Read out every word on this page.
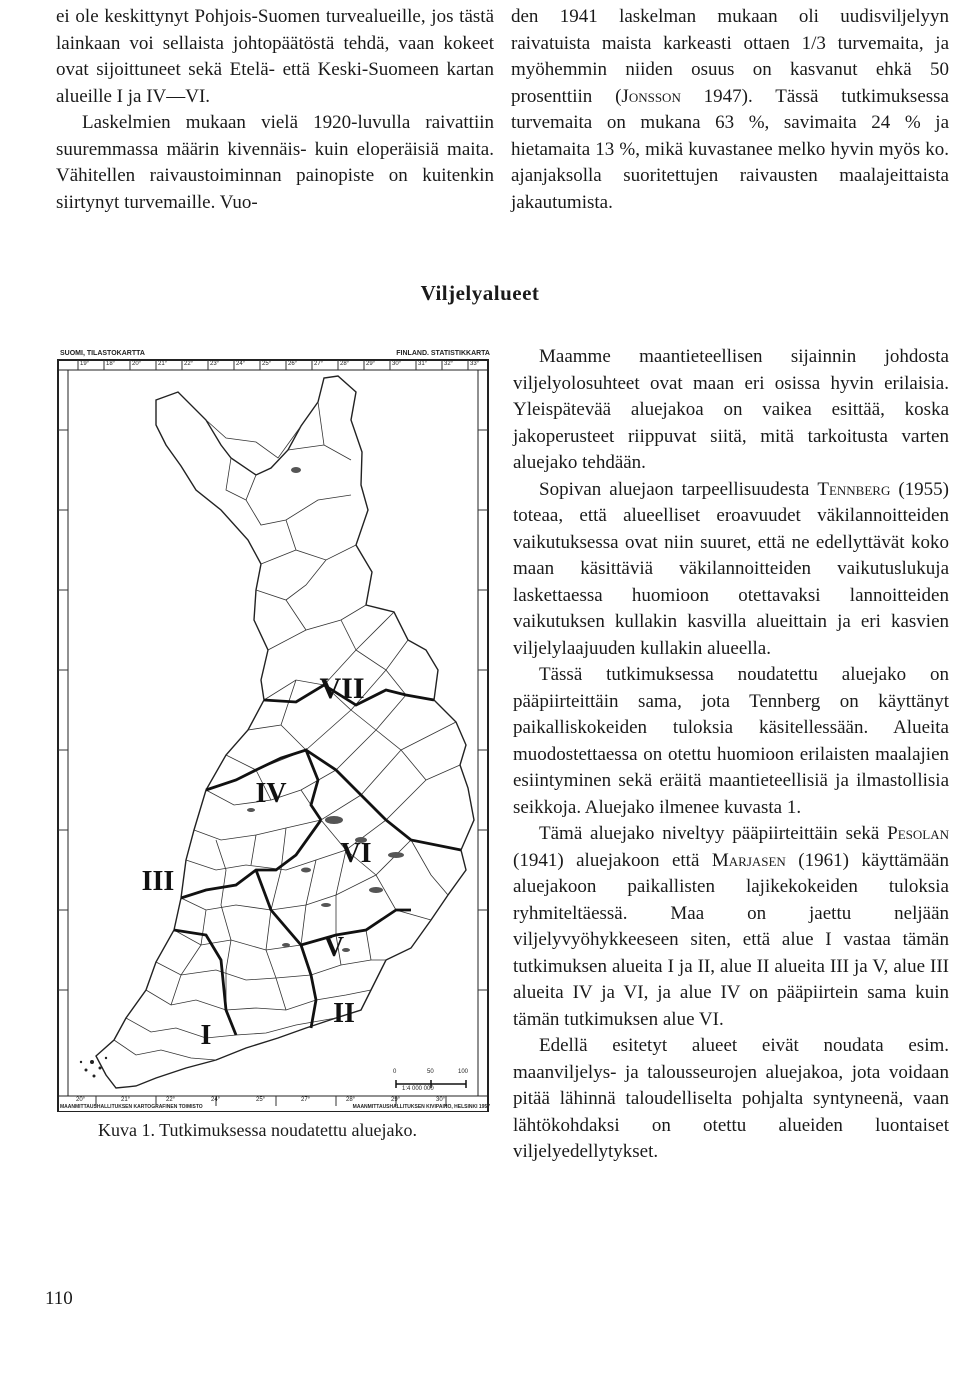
ei ole keskittynyt Pohjois-Suomen turvealueille, jos tästä lainkaan voi sellaista johtopäätöstä tehdä, vaan kokeet ovat sijoittuneet sekä Etelä- että Keski-Suomeen kartan alueille I ja IV—VI.

Laskelmien mukaan vielä 1920-luvulla raivattiin suuremmassa määrin kivennäis- kuin eloperäisiä maita. Vähitellen raivaustoiminnan painopiste on kuitenkin siirtynyt turvemaille. Vuo-

den 1941 laskelman mukaan oli uudisviljelyyn raivatuista maista karkeasti ottaen 1/3 turvemaita, ja myöhemmin niiden osuus on kasvanut ehkä 50 prosenttiin (Jonsson 1947). Tässä tutkimuksessa turvemaita on mukana 63 %, savimaita 24 % ja hietamaita 13 %, mikä kuvastanee melko hyvin myös ko. ajanjaksolla suoritettujen raivausten maalajeittaista jakautumista.

Viljelyalueet
VII
IV
VI
III
V
II
I
SUOMI, TILASTOKARTTA	FINLAND. STATISTIKKARTA
MAANMITTAUSHALLITUKSEN KARTOGRAFINEN TOIMISTO	MAANMITTAUSHALLITUKSEN KIVIPAINO, HELSINKI 1957
1:4 000 000
0	50	100
19°	18°	20°	21°	22°	23°	24°	25°	26°	27°	28°	29°	30°	31°	32°	33°
20°	21°	22°	24°	25°	27°	28°	29°	30°
Kuva 1. Tutkimuksessa noudatettu aluejako.

Maamme maantieteellisen sijainnin johdosta viljelyolosuhteet ovat maan eri osissa hyvin erilaisia. Yleispätevää aluejakoa on vaikea esittää, koska jakoperusteet riippuvat siitä, mitä tarkoitusta varten aluejako tehdään.

Sopivan aluejaon tarpeellisuudesta Tennberg (1955) toteaa, että alueelliset eroavuudet väkilannoitteiden vaikutuksessa ovat niin suuret, että ne edellyttävät koko maan käsittäviä väkilannoitteiden vaikutuslukuja laskettaessa huomioon otettavaksi lannoitteiden vaikutuksen kullakin kasvilla alueittain ja eri kasvien viljelylaajuuden kullakin alueella.

Tässä tutkimuksessa noudatettu aluejako on pääpiirteittäin sama, jota Tennberg on käyttänyt paikalliskokeiden tuloksia käsitellessään. Alueita muodostettaessa on otettu huomioon erilaisten maalajien esiintyminen sekä eräitä maantieteellisiä ja ilmastollisia seikkoja. Aluejako ilmenee kuvasta 1.

Tämä aluejako niveltyy pääpiirteittäin sekä Pesolan (1941) aluejakoon että Marjasen (1961) käyttämään aluejakoon paikallisten lajikekokeiden tuloksia ryhmiteltäessä. Maa on jaettu neljään viljelyvyöhykkeeseen siten, että alue I vastaa tämän tutkimuksen alueita I ja II, alue II alueita III ja V, alue III alueita IV ja VI, ja alue IV on pääpiirtein sama kuin tämän tutkimuksen alue VI.

Edellä esitetyt alueet eivät noudata esim. maanviljelys- ja talousseurojen aluejakoa, jota voidaan pitää lähinnä taloudelliselta pohjalta syntyneenä, vaan lähtökohdaksi on otettu alueiden luontaiset viljelyedellytykset.

110
